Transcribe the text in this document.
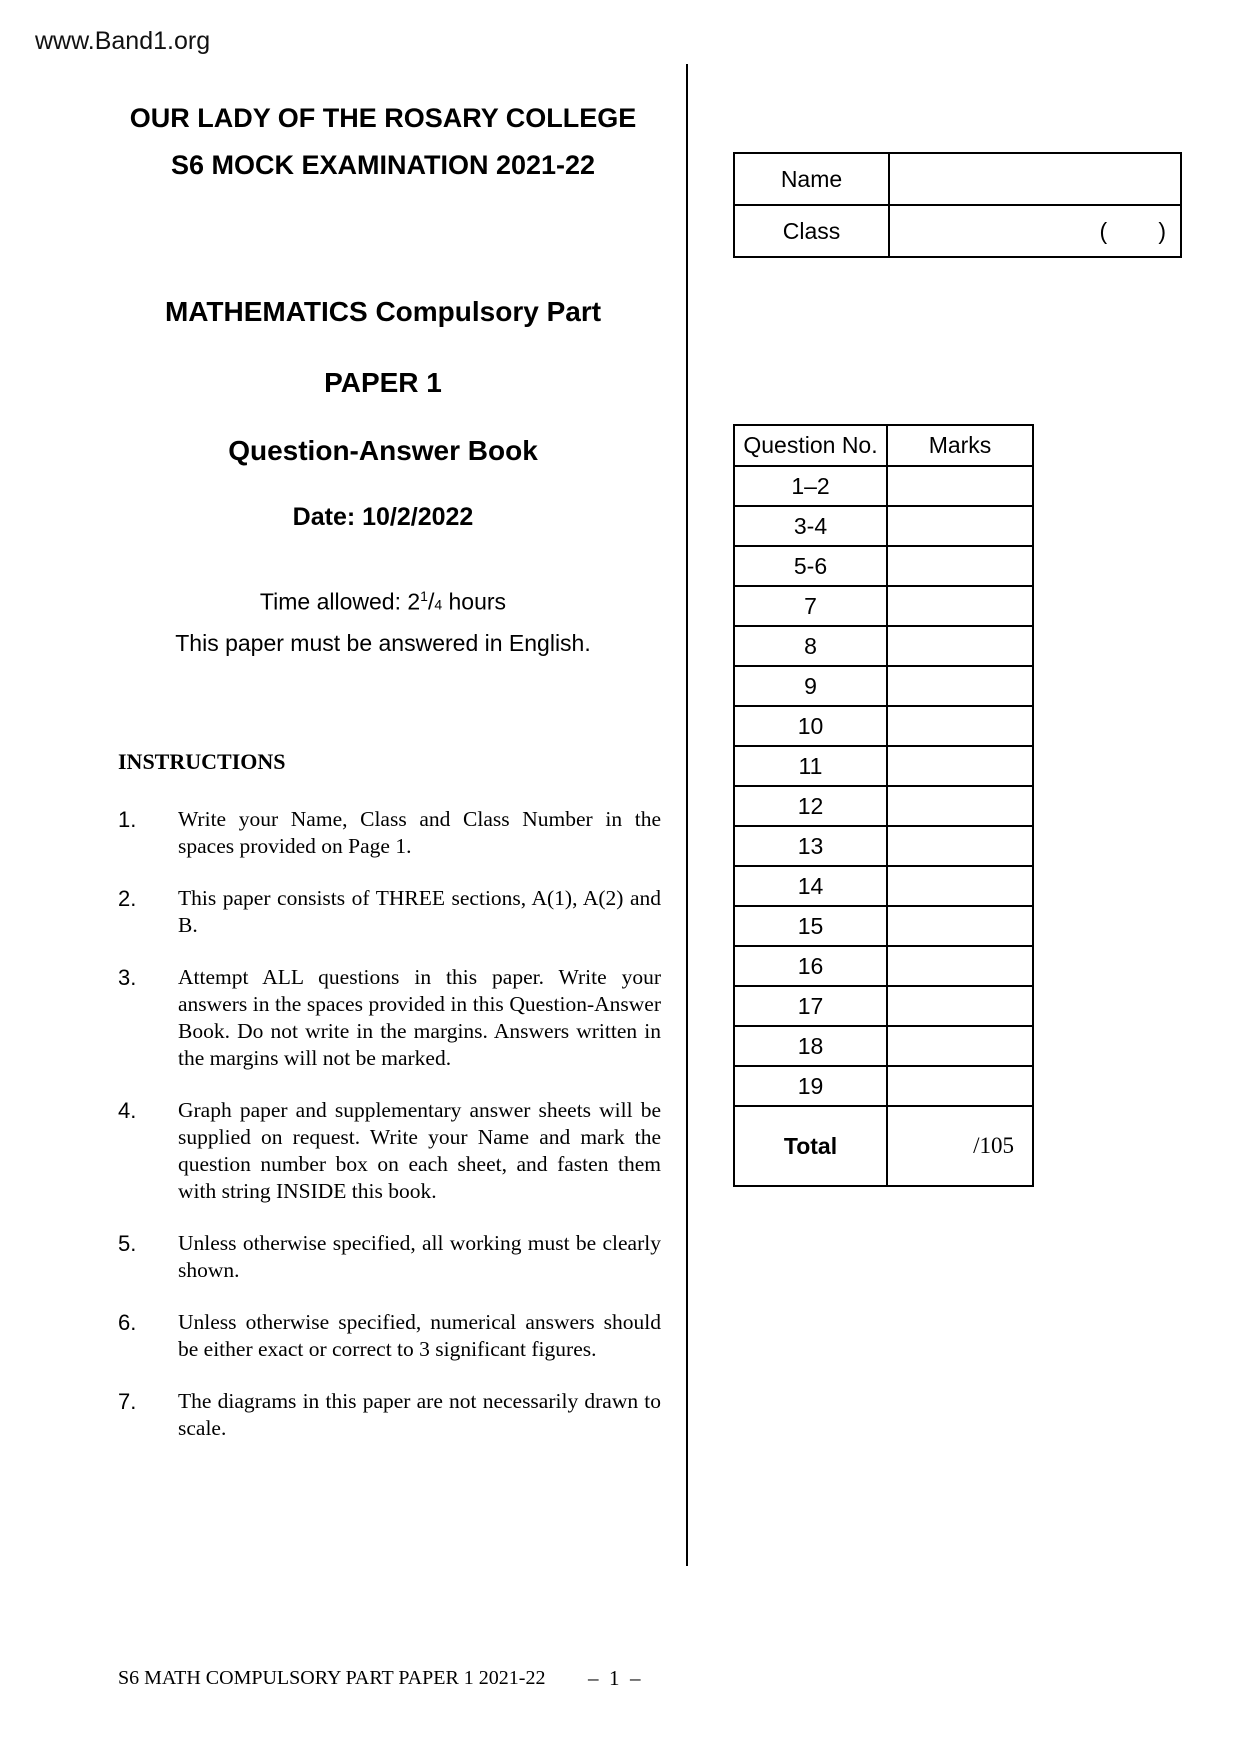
www.Band1.org
OUR LADY OF THE ROSARY COLLEGE
S6 MOCK EXAMINATION 2021-22
MATHEMATICS Compulsory Part
PAPER 1
Question-Answer Book
Date: 10/2/2022
Time allowed: $2^1/4$ hours
This paper must be answered in English.
Name	
Class	(        )
Question No.	Marks
1–2	
3-4	
5-6	
7	
8	
9	
10	
11	
12	
13	
14	
15	
16	
17	
18	
19	
Total	/105
INSTRUCTIONS
1.	Write your Name, Class and Class Number in the spaces provided on Page 1.
2.	This paper consists of THREE sections, A(1), A(2) and B.
3.	Attempt ALL questions in this paper. Write your answers in the spaces provided in this Question-Answer Book. Do not write in the margins. Answers written in the margins will not be marked.
4.	Graph paper and supplementary answer sheets will be supplied on request. Write your Name and mark the question number box on each sheet, and fasten them with string INSIDE this book.
5.	Unless otherwise specified, all working must be clearly shown.
6.	Unless otherwise specified, numerical answers should be either exact or correct to 3 significant figures.
7.	The diagrams in this paper are not necessarily drawn to scale.
S6 MATH COMPULSORY PART PAPER 1 2021-22 –  1  –
